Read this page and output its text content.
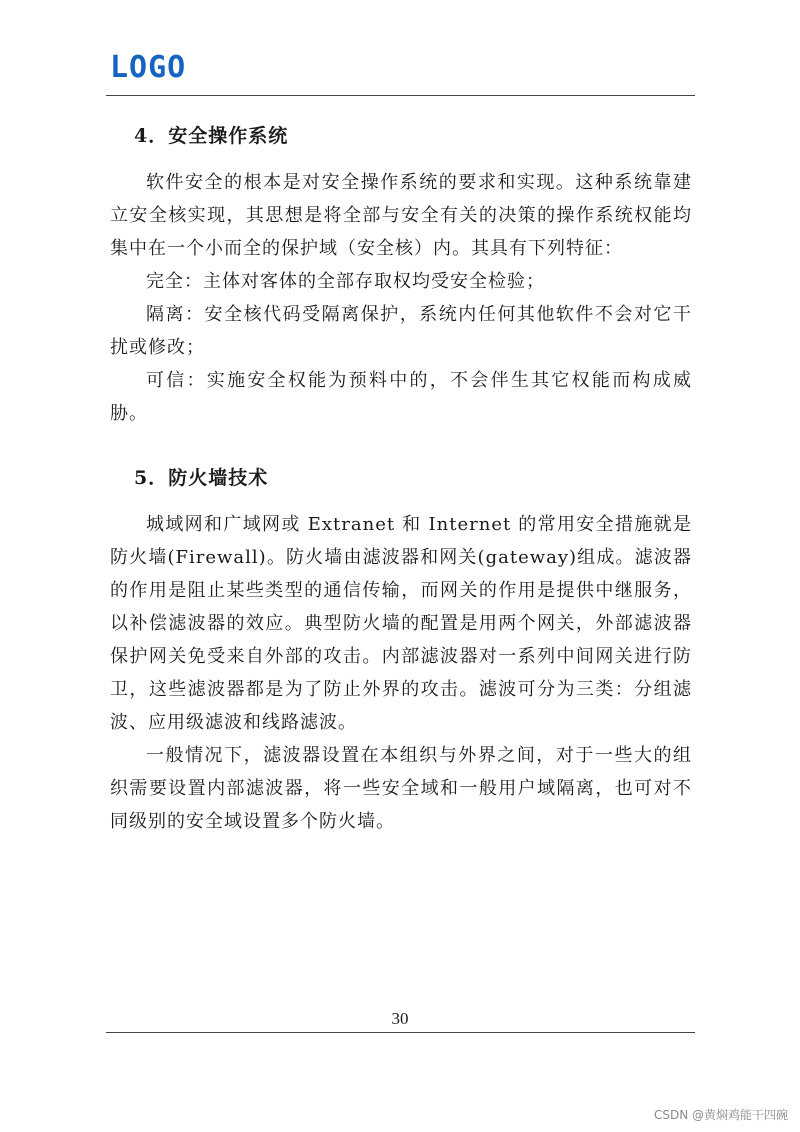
LOGO
4．安全操作系统

软件安全的根本是对安全操作系统的要求和实现。这种系统靠建立安全核实现，其思想是将全部与安全有关的决策的操作系统权能均集中在一个小而全的保护域（安全核）内。其具有下列特征：

完全：主体对客体的全部存取权均受安全检验；

隔离：安全核代码受隔离保护，系统内任何其他软件不会对它干扰或修改；

可信：实施安全权能为预料中的，不会伴生其它权能而构成威胁。

5．防火墙技术

城域网和广域网或 Extranet 和 Internet 的常用安全措施就是防火墙(Firewall)。防火墙由滤波器和网关(gateway)组成。滤波器的作用是阻止某些类型的通信传输，而网关的作用是提供中继服务，以补偿滤波器的效应。典型防火墙的配置是用两个网关，外部滤波器保护网关免受来自外部的攻击。内部滤波器对一系列中间网关进行防卫，这些滤波器都是为了防止外界的攻击。滤波可分为三类：分组滤波、应用级滤波和线路滤波。

一般情况下，滤波器设置在本组织与外界之间，对于一些大的组织需要设置内部滤波器，将一些安全域和一般用户域隔离，也可对不同级别的安全域设置多个防火墙。

30
CSDN @黄焖鸡能干四碗
